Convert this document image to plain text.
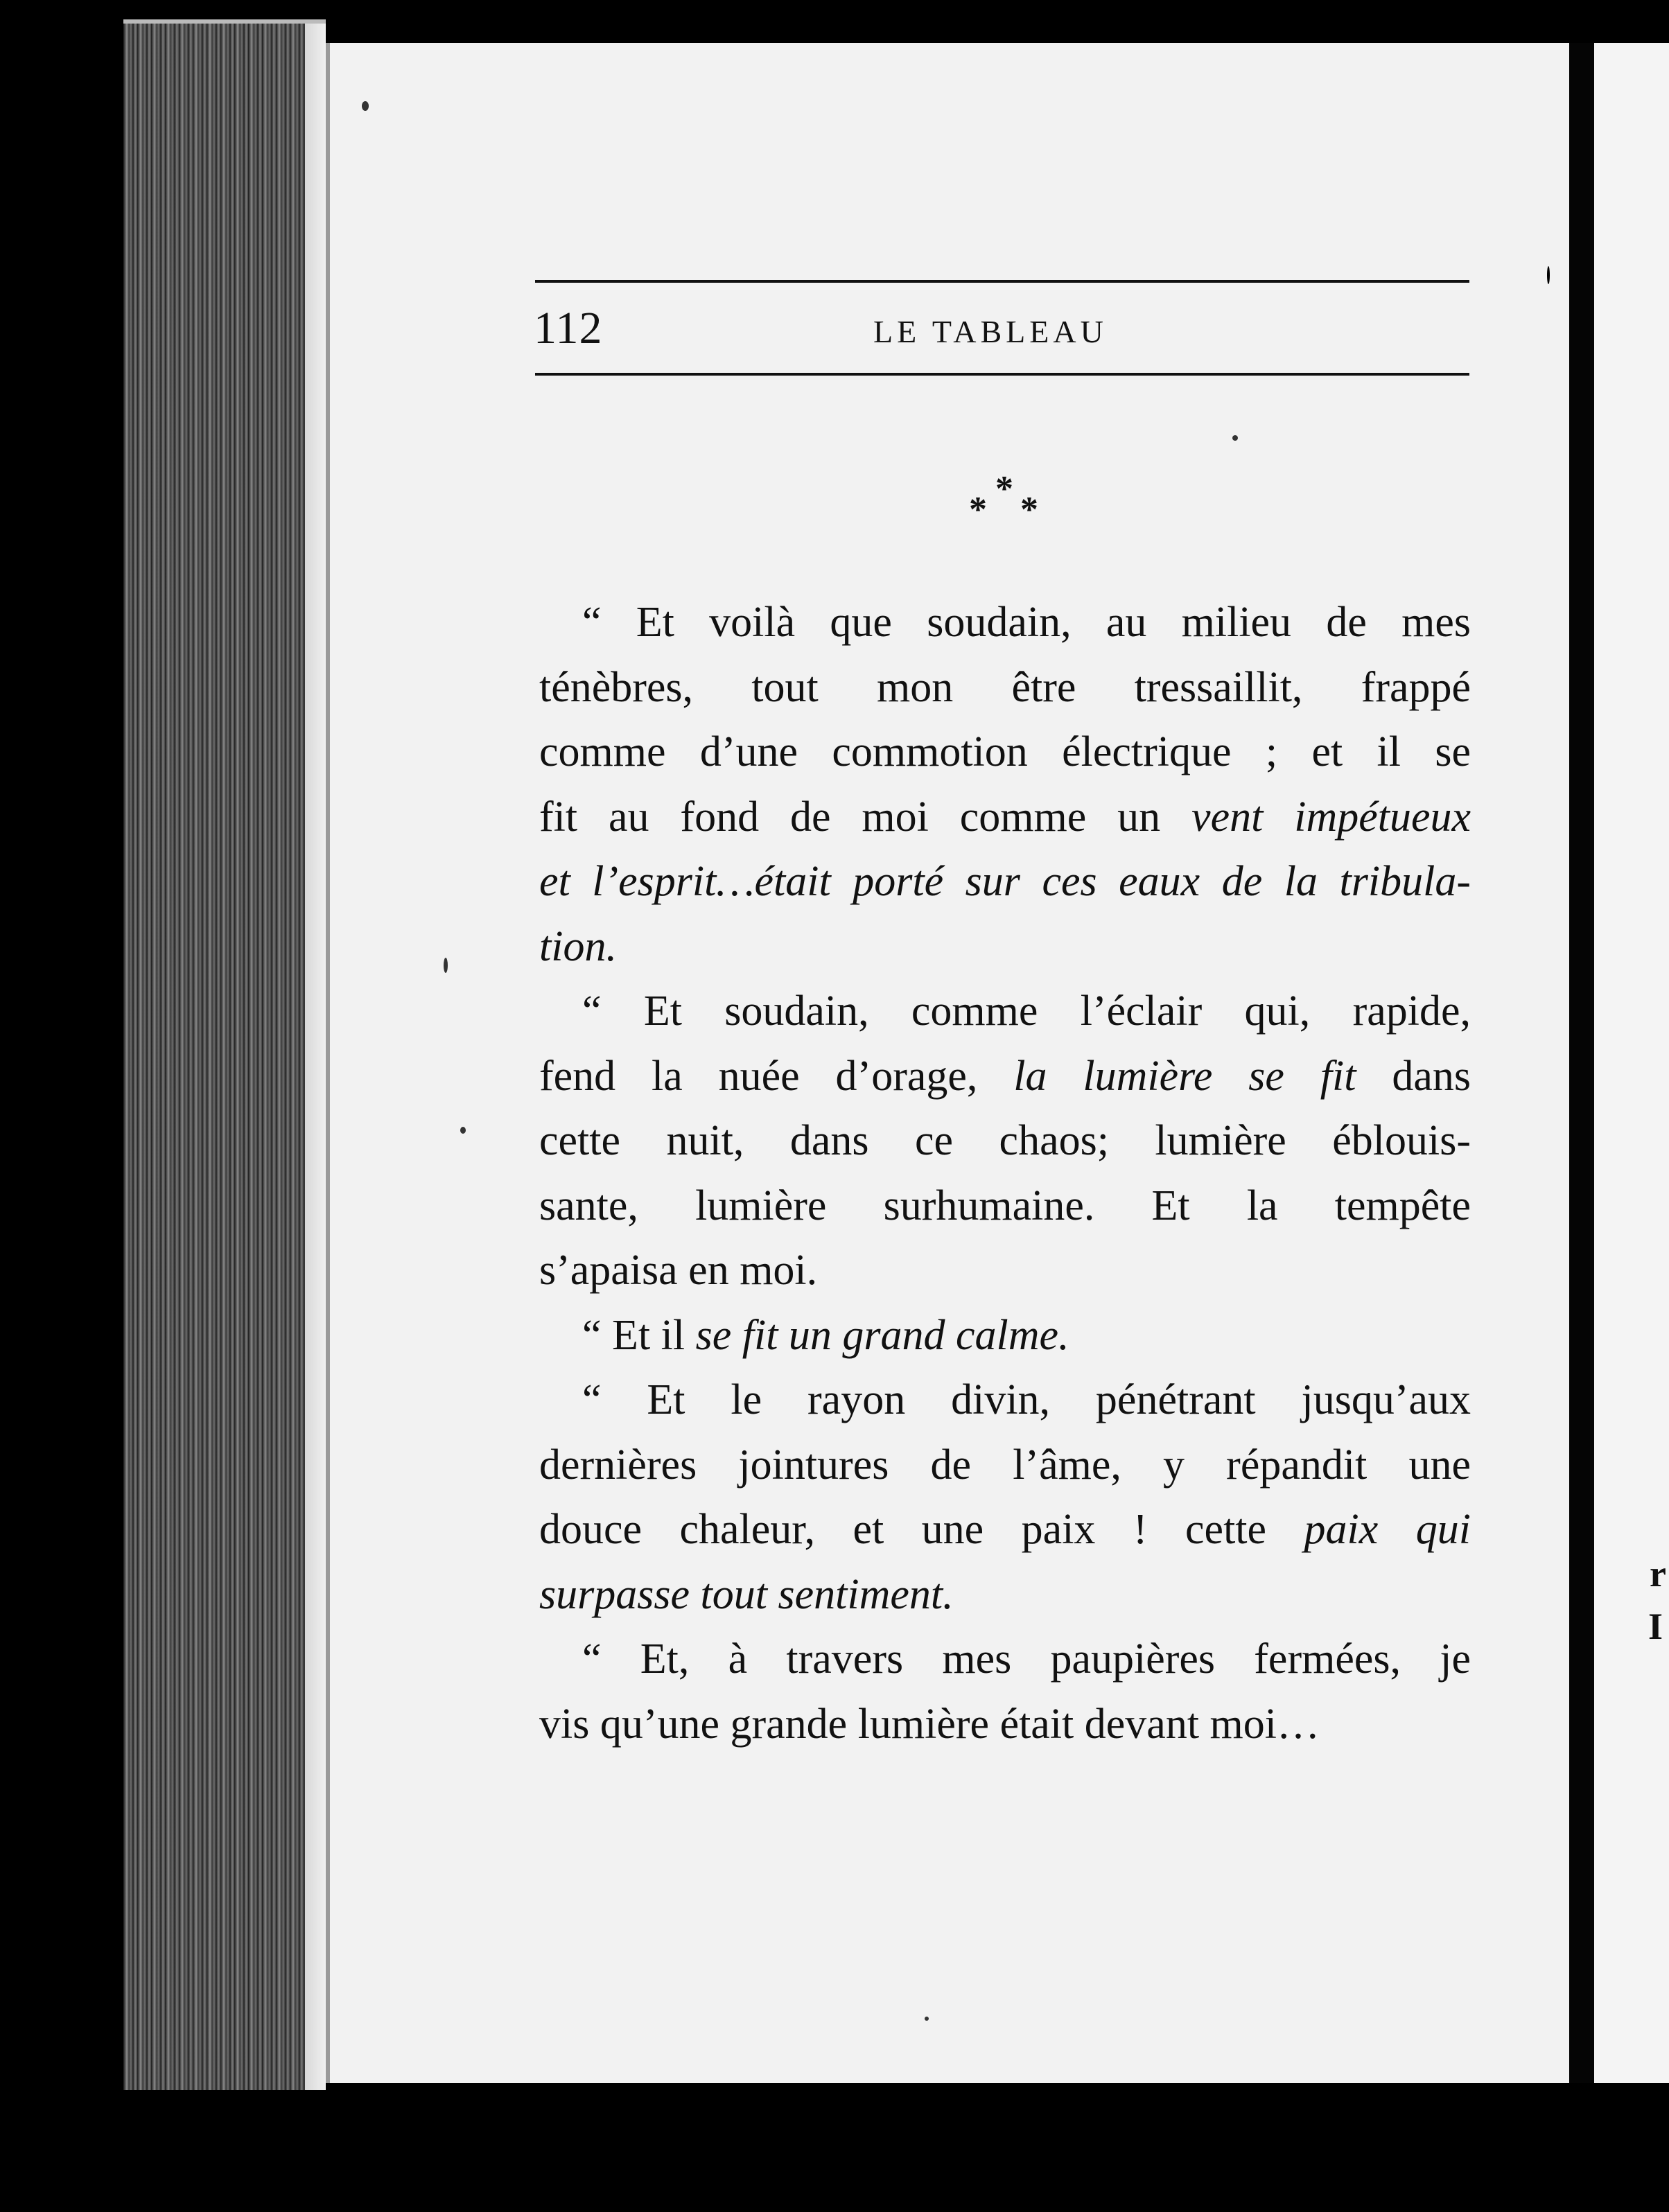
r
I
112	LE TABLEAU
*
* *
“ Et voilà que soudain, au milieu de mes
ténèbres, tout mon être tressaillit, frappé
comme d’une commotion électrique ; et il se
fit au fond de moi comme un vent impétueux
et l’esprit…était porté sur ces eaux de la tribula-
tion.
“ Et soudain, comme l’éclair qui, rapide,
fend la nuée d’orage, la lumière se fit dans
cette nuit, dans ce chaos; lumière éblouis-
sante, lumière surhumaine. Et la tempête
s’apaisa en moi.
“ Et il se fit un grand calme.
“ Et le rayon divin, pénétrant jusqu’aux
dernières jointures de l’âme, y répandit une
douce chaleur, et une paix ! cette paix qui
surpasse tout sentiment.
“ Et, à travers mes paupières fermées, je
vis qu’une grande lumière était devant moi…
